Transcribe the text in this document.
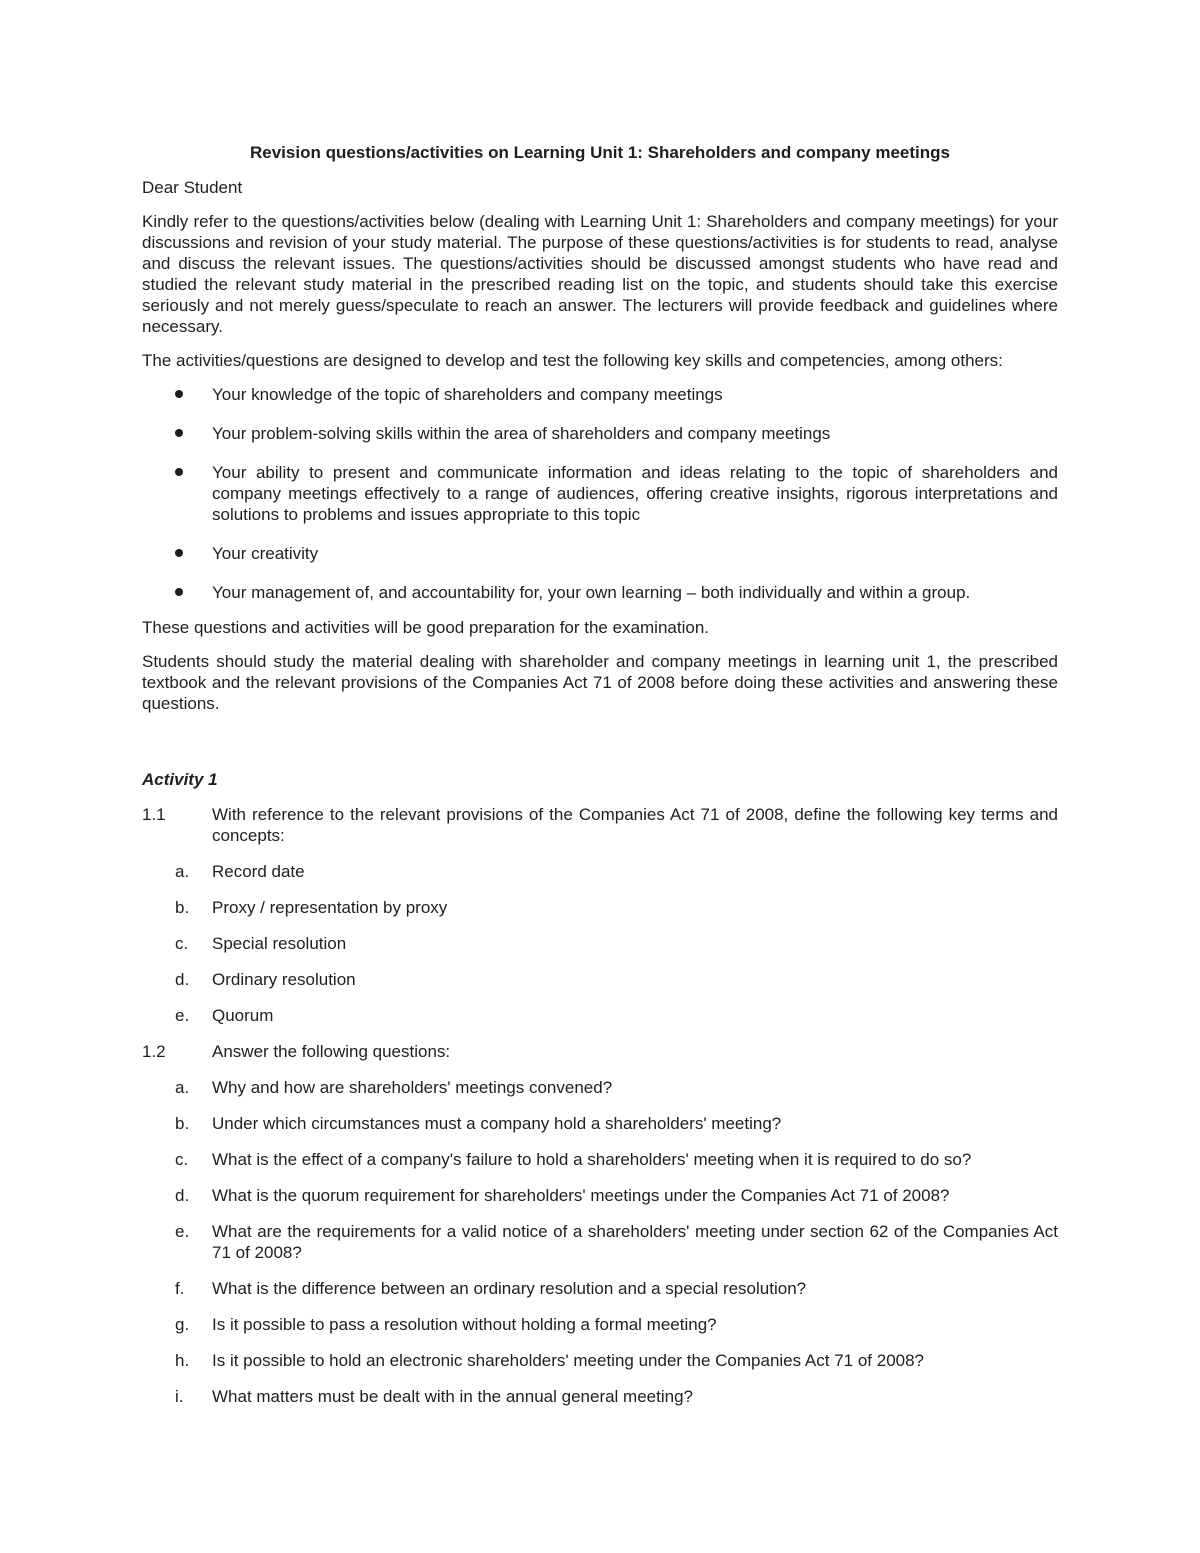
Revision questions/activities on Learning Unit 1: Shareholders and company meetings
Dear Student
Kindly refer to the questions/activities below (dealing with Learning Unit 1: Shareholders and company meetings) for your discussions and revision of your study material. The purpose of these questions/activities is for students to read, analyse and discuss the relevant issues. The questions/activities should be discussed amongst students who have read and studied the relevant study material in the prescribed reading list on the topic, and students should take this exercise seriously and not merely guess/speculate to reach an answer. The lecturers will provide feedback and guidelines where necessary.
The activities/questions are designed to develop and test the following key skills and competencies, among others:
Your knowledge of the topic of shareholders and company meetings
Your problem-solving skills within the area of shareholders and company meetings
Your ability to present and communicate information and ideas relating to the topic of shareholders and company meetings effectively to a range of audiences, offering creative insights, rigorous interpretations and solutions to problems and issues appropriate to this topic
Your creativity
Your management of, and accountability for, your own learning – both individually and within a group.
These questions and activities will be good preparation for the examination.
Students should study the material dealing with shareholder and company meetings in learning unit 1, the prescribed textbook and the relevant provisions of the Companies Act 71 of 2008 before doing these activities and answering these questions.
Activity 1
1.1	With reference to the relevant provisions of the Companies Act 71 of 2008, define the following key terms and concepts:
a.	Record date
b.	Proxy / representation by proxy
c.	Special resolution
d.	Ordinary resolution
e.	Quorum
1.2	Answer the following questions:
a.	Why and how are shareholders' meetings convened?
b.	Under which circumstances must a company hold a shareholders' meeting?
c.	What is the effect of a company's failure to hold a shareholders' meeting when it is required to do so?
d.	What is the quorum requirement for shareholders' meetings under the Companies Act 71 of 2008?
e.	What are the requirements for a valid notice of a shareholders' meeting under section 62 of the Companies Act 71 of 2008?
f.	What is the difference between an ordinary resolution and a special resolution?
g.	Is it possible to pass a resolution without holding a formal meeting?
h.	Is it possible to hold an electronic shareholders' meeting under the Companies Act 71 of 2008?
i.	What matters must be dealt with in the annual general meeting?
